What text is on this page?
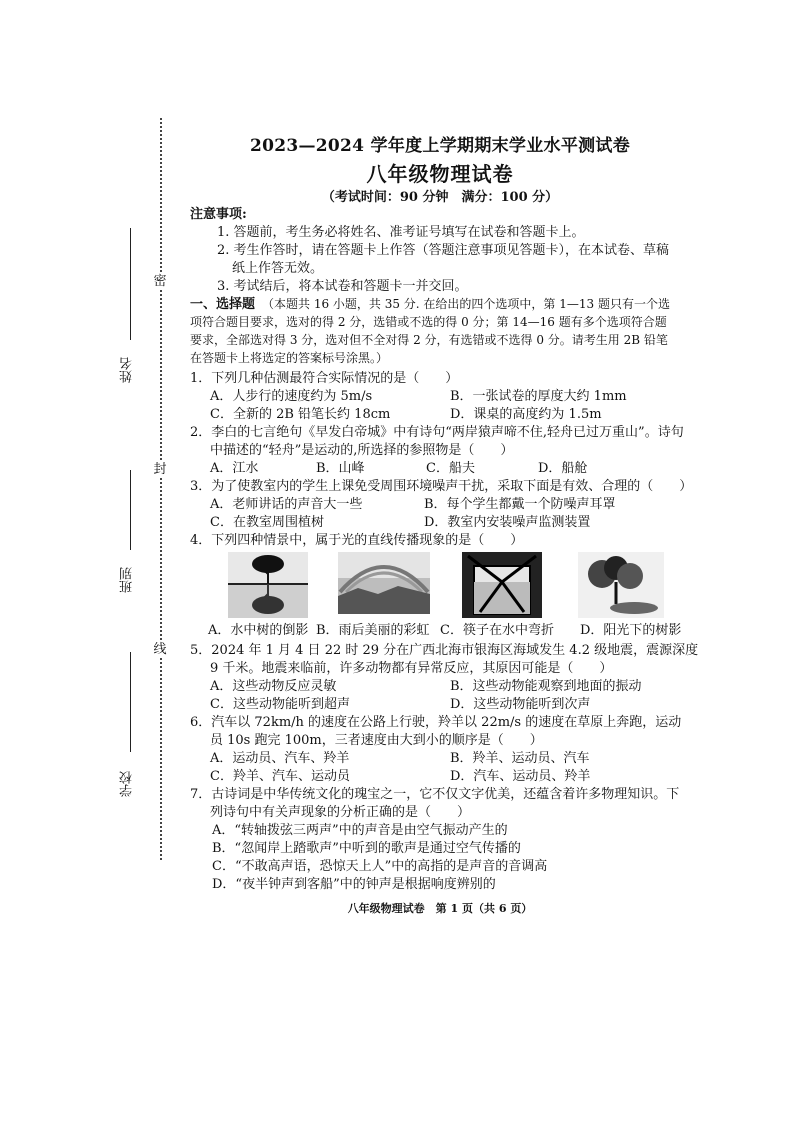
密
封
线
姓名
班别
学校
2023—2024 学年度上学期期末学业水平测试卷
八年级物理试卷
（考试时间：90 分钟　满分：100 分）
注意事项:
1. 答题前，考生务必将姓名、准考证号填写在试卷和答题卡上。
2. 考生作答时，请在答题卡上作答（答题注意事项见答题卡），在本试卷、草稿
纸上作答无效。
3. 考试结后，将本试卷和答题卡一并交回。
一、选择题 （本题共 16 小题，共 35 分. 在给出的四个选项中，第 1—13 题只有一个选
项符合题目要求，选对的得 2 分，选错或不选的得 0 分；第 14—16 题有多个选项符合题
要求，全部选对得 3 分，选对但不全对得 2 分，有选错或不选得 0 分。请考生用 2B 铅笔
在答题卡上将选定的答案标号涂黑。）
1．下列几种估测最符合实际情况的是（　　）
A．人步行的速度约为 5m/s	B．一张试卷的厚度大约 1mm
C．全新的 2B 铅笔长约 18cm	D．课桌的高度约为 1.5m
2．李白的七言绝句《早发白帝城》中有诗句“两岸猿声啼不住,轻舟已过万重山”。诗句
中描述的“轻舟”是运动的,所选择的参照物是（　　）
A．江水	B．山峰	C．船夫	D．船舱
3．为了使教室内的学生上课免受周围环境噪声干扰，采取下面是有效、合理的（　　）
A．老师讲话的声音大一些	B．每个学生都戴一个防噪声耳罩
C．在教室周围植树	D．教室内安装噪声监测装置
4．下列四种情景中，属于光的直线传播现象的是（　　）
A．水中树的倒影 B．雨后美丽的彩虹 C．筷子在水中弯折 D．阳光下的树影
5．2024 年 1 月 4 日 22 时 29 分在广西北海市银海区海域发生 4.2 级地震，震源深度
9 千米。地震来临前，许多动物都有异常反应，其原因可能是（　　）
A．这些动物反应灵敏	B．这些动物能观察到地面的振动
C．这些动物能听到超声	D．这些动物能听到次声
6．汽车以 72km/h 的速度在公路上行驶，羚羊以 22m/s 的速度在草原上奔跑，运动
员 10s 跑完 100m，三者速度由大到小的顺序是（　　）
A．运动员、汽车、羚羊	B．羚羊、运动员、汽车
C．羚羊、汽车、运动员	D．汽车、运动员、羚羊
7．古诗词是中华传统文化的瑰宝之一，它不仅文字优美，还蕴含着许多物理知识。下
列诗句中有关声现象的分析正确的是（　　）
A．“转轴拨弦三两声”中的声音是由空气振动产生的
B．“忽闻岸上踏歌声”中听到的歌声是通过空气传播的
C．“不敢高声语，恐惊天上人”中的高指的是声音的音调高
D．“夜半钟声到客船”中的钟声是根据响度辨别的
八年级物理试卷　第 1 页（共 6 页）
